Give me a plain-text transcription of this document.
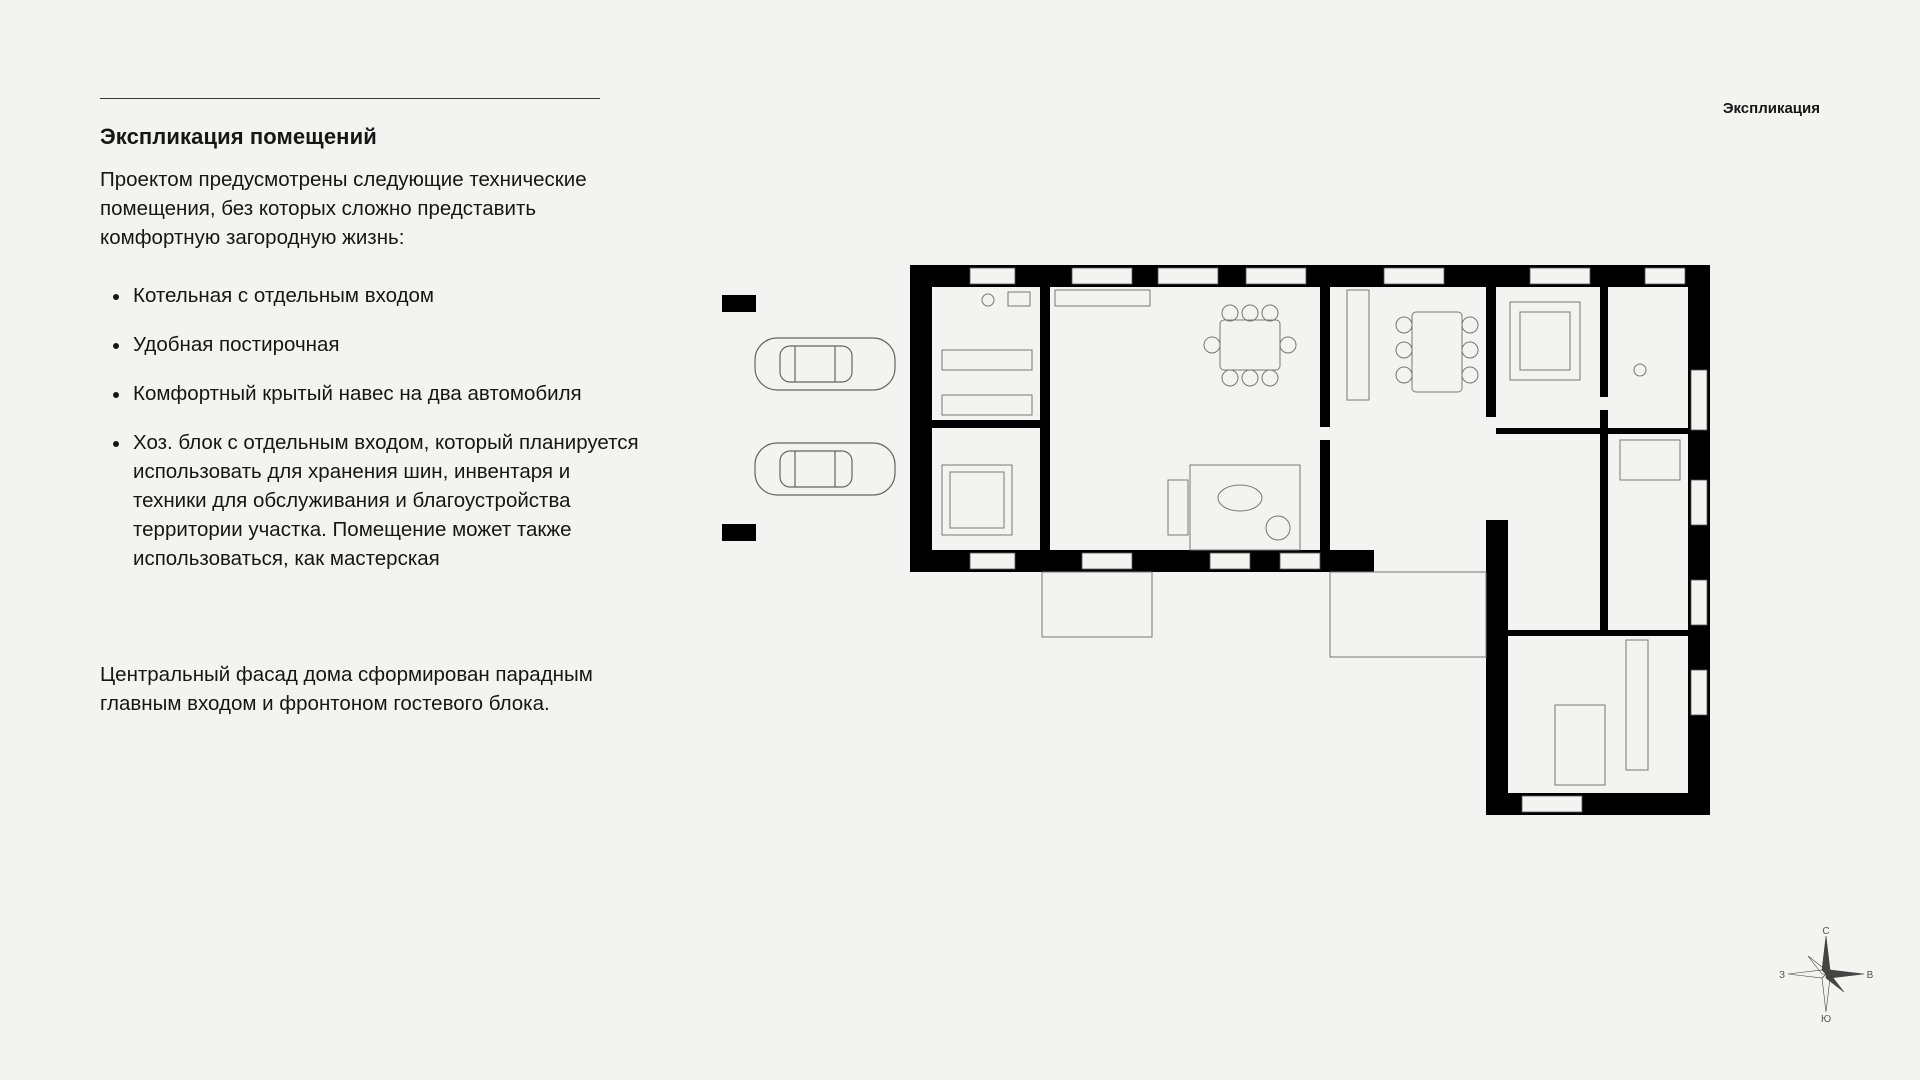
Экспликация помещений

Проектом предусмотрены следующие технические помещения, без которых сложно представить комфортную загородную жизнь:

Котельная с отдельным входом
Удобная постирочная
Комфортный крытый навес на два автомобиля
Хоз. блок с отдельным входом, который планируется использовать для хранения шин, инвентаря и техники для обслуживания и благоустройства территории участка. Помещение может также использоваться, как мастерская

Центральный фасад дома сформирован парадным главным входом и фронтоном гостевого блока.

Экспликация

С
Ю
З	В
